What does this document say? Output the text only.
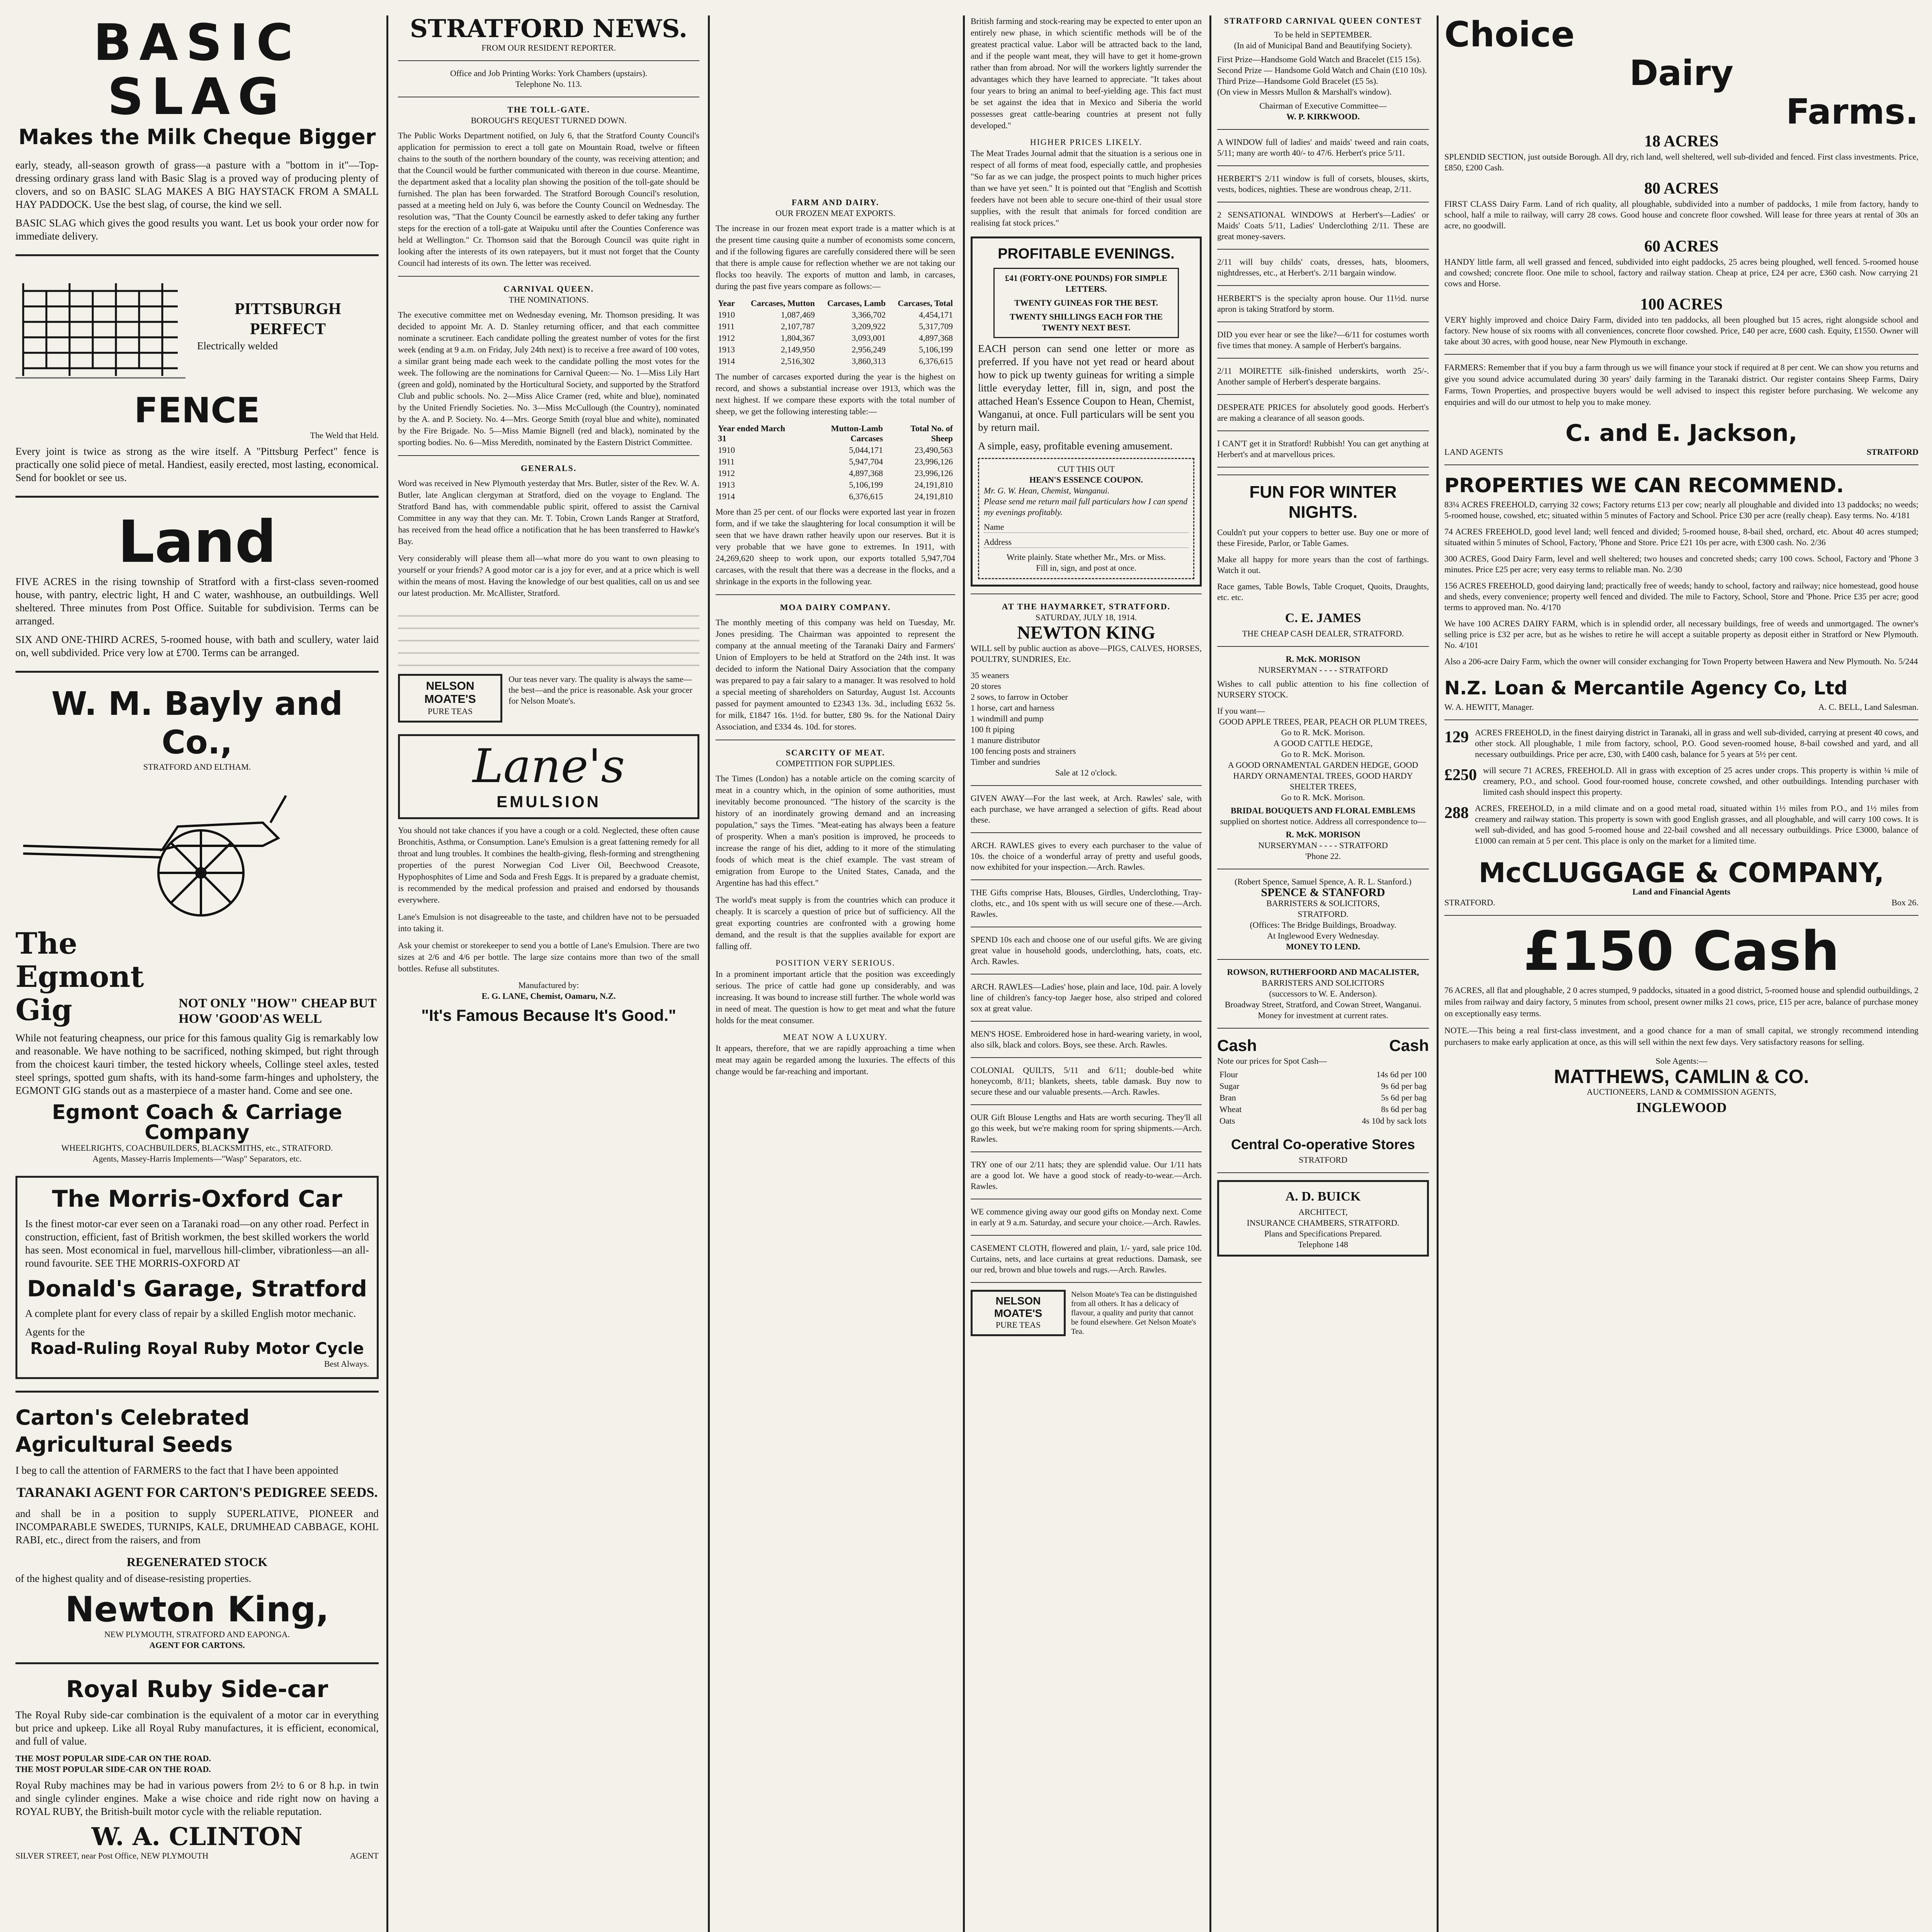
BASIC SLAG
Makes the Milk Cheque Bigger

early, steady, all-season growth of grass—a pasture with a "bottom in it"—Top-dressing ordinary grass land with Basic Slag is a proved way of producing plenty of clovers, and so on BASIC SLAG MAKES A BIG HAYSTACK FROM A SMALL HAY PADDOCK. Use the best slag, of course, the kind we sell.

BASIC SLAG which gives the good results you want. Let us book your order now for immediate delivery.

PITTSBURGH
PERFECT
Electrically welded
FENCE
The Weld that Held.

Every joint is twice as strong as the wire itself. A "Pittsburg Perfect" fence is practically one solid piece of metal. Handiest, easily erected, most lasting, economical. Send for booklet or see us.

Land

FIVE ACRES in the rising township of Stratford with a first-class seven-roomed house, with pantry, electric light, H and C water, washhouse, an outbuildings. Well sheltered. Three minutes from Post Office. Suitable for subdivision. Terms can be arranged.

SIX AND ONE-THIRD ACRES, 5-roomed house, with bath and scullery, water laid on, well subdivided. Price very low at £700. Terms can be arranged.

W. M. Bayly and Co.,
STRATFORD AND ELTHAM.
The Egmont Gig	NOT ONLY "HOW" CHEAP BUT HOW 'GOOD'AS WELL

While not featuring cheapness, our price for this famous quality Gig is remarkably low and reasonable. We have nothing to be sacrificed, nothing skimped, but right through from the choicest kauri timber, the tested hickory wheels, Collinge steel axles, tested steel springs, spotted gum shafts, with its hand-some farm-hinges and upholstery, the EGMONT GIG stands out as a masterpiece of a master hand. Come and see one.

Egmont Coach & Carriage Company
WHEELRIGHTS, COACHBUILDERS, BLACKSMITHS, etc., STRATFORD.
Agents, Massey-Harris Implements—"Wasp" Separators, etc.
The Morris-Oxford Car

Is the finest motor-car ever seen on a Taranaki road—on any other road. Perfect in construction, efficient, fast of British workmen, the best skilled workers the world has seen. Most economical in fuel, marvellous hill-climber, vibrationless—an all-round favourite. SEE THE MORRIS-OXFORD AT

Donald's Garage, Stratford

A complete plant for every class of repair by a skilled English motor mechanic.

Agents for the
Road-Ruling Royal Ruby Motor Cycle
Best Always.
Carton's Celebrated Agricultural Seeds

I beg to call the attention of FARMERS to the fact that I have been appointed

TARANAKI AGENT FOR CARTON'S PEDIGREE SEEDS.

and shall be in a position to supply SUPERLATIVE, PIONEER and INCOMPARABLE SWEDES, TURNIPS, KALE, DRUMHEAD CABBAGE, KOHL RABI, etc., direct from the raisers, and from

REGENERATED STOCK

of the highest quality and of disease-resisting properties.

Newton King,
NEW PLYMOUTH, STRATFORD AND EAPONGA.
AGENT FOR CARTONS.
Royal Ruby Side-car

The Royal Ruby side-car combination is the equivalent of a motor car in everything but price and upkeep. Like all Royal Ruby manufactures, it is efficient, economical, and full of value.

THE MOST POPULAR SIDE-CAR ON THE ROAD.
THE MOST POPULAR SIDE-CAR ON THE ROAD.

Royal Ruby machines may be had in various powers from 2½ to 6 or 8 h.p. in twin and single cylinder engines. Make a wise choice and ride right now on having a ROYAL RUBY, the British-built motor cycle with the reliable reputation.

W. A. CLINTON
SILVER STREET, near Post Office, NEW PLYMOUTH	AGENT
STRATFORD NEWS.
FROM OUR RESIDENT REPORTER.
Office and Job Printing Works: York Chambers (upstairs).
Telephone No. 113.
THE TOLL-GATE.
BOROUGH'S REQUEST TURNED DOWN.

The Public Works Department notified, on July 6, that the Stratford County Council's application for permission to erect a toll gate on Mountain Road, twelve or fifteen chains to the south of the northern boundary of the county, was receiving attention; and that the Council would be further communicated with thereon in due course. Meantime, the department asked that a locality plan showing the position of the toll-gate should be furnished. The plan has been forwarded. The Stratford Borough Council's resolution, passed at a meeting held on July 6, was before the County Council on Wednesday. The resolution was, "That the County Council be earnestly asked to defer taking any further steps for the erection of a toll-gate at Waipuku until after the Counties Conference was held at Wellington." Cr. Thomson said that the Borough Council was quite right in looking after the interests of its own ratepayers, but it must not forget that the County Council had interests of its own. The letter was received.

CARNIVAL QUEEN.
THE NOMINATIONS.

The executive committee met on Wednesday evening, Mr. Thomson presiding. It was decided to appoint Mr. A. D. Stanley returning officer, and that each committee nominate a scrutineer. Each candidate polling the greatest number of votes for the first week (ending at 9 a.m. on Friday, July 24th next) is to receive a free award of 100 votes, a similar grant being made each week to the candidate polling the most votes for the week. The following are the nominations for Carnival Queen:— No. 1—Miss Lily Hart (green and gold), nominated by the Horticultural Society, and supported by the Stratford Club and public schools. No. 2—Miss Alice Cramer (red, white and blue), nominated by the United Friendly Societies. No. 3—Miss McCullough (the Country), nominated by the A. and P. Society. No. 4—Mrs. George Smith (royal blue and white), nominated by the Fire Brigade. No. 5—Miss Mamie Bignell (red and black), nominated by the sporting bodies. No. 6—Miss Meredith, nominated by the Eastern District Committee.

GENERALS.

Word was received in New Plymouth yesterday that Mrs. Butler, sister of the Rev. W. A. Butler, late Anglican clergyman at Stratford, died on the voyage to England. The Stratford Band has, with commendable public spirit, offered to assist the Carnival Committee in any way that they can. Mr. T. Tobin, Crown Lands Ranger at Stratford, has received from the head office a notification that he has been transferred to Hawke's Bay.

Very considerably will please them all—what more do you want to own pleasing to yourself or your friends? A good motor car is a joy for ever, and at a price which is well within the means of most. Having the knowledge of our best qualities, call on us and see our latest production. Mr. McAllister, Stratford.

NELSON MOATE'S
PURE TEAS
Our teas never vary. The quality is always the same—the best—and the price is reasonable. Ask your grocer for Nelson Moate's.
Lane's
EMULSION

You should not take chances if you have a cough or a cold. Neglected, these often cause Bronchitis, Asthma, or Consumption. Lane's Emulsion is a great fattening remedy for all throat and lung troubles. It combines the health-giving, flesh-forming and strengthening properties of the purest Norwegian Cod Liver Oil, Beechwood Creasote, Hypophosphites of Lime and Soda and Fresh Eggs. It is prepared by a graduate chemist, is recommended by the medical profession and praised and endorsed by thousands everywhere.

Lane's Emulsion is not disagreeable to the taste, and children have not to be persuaded into taking it.

Ask your chemist or storekeeper to send you a bottle of Lane's Emulsion. There are two sizes at 2/6 and 4/6 per bottle. The large size contains more than two of the small bottles. Refuse all substitutes.

Manufactured by:
E. G. LANE, Chemist, Oamaru, N.Z.
"It's Famous Because It's Good."
FARM AND DAIRY.
OUR FROZEN MEAT EXPORTS.

The increase in our frozen meat export trade is a matter which is at the present time causing quite a number of economists some concern, and if the following figures are carefully considered there will be seen that there is ample cause for reflection whether we are not taking our flocks too heavily. The exports of mutton and lamb, in carcases, during the past five years compare as follows:—

Year	Carcases, Mutton	Carcases, Lamb	Carcases, Total
1910	1,087,469	3,366,702	4,454,171
1911	2,107,787	3,209,922	5,317,709
1912	1,804,367	3,093,001	4,897,368
1913	2,149,950	2,956,249	5,106,199
1914	2,516,302	3,860,313	6,376,615

The number of carcases exported during the year is the highest on record, and shows a substantial increase over 1913, which was the next highest. If we compare these exports with the total number of sheep, we get the following interesting table:—

Year ended March 31	Mutton-Lamb Carcases	Total No. of Sheep
1910	5,044,171	23,490,563
1911	5,947,704	23,996,126
1912	4,897,368	23,996,126
1913	5,106,199	24,191,810
1914	6,376,615	24,191,810

More than 25 per cent. of our flocks were exported last year in frozen form, and if we take the slaughtering for local consumption it will be seen that we have drawn rather heavily upon our reserves. But it is very probable that we have gone to extremes. In 1911, with 24,269,620 sheep to work upon, our exports totalled 5,947,704 carcases, with the result that there was a decrease in the flocks, and a shrinkage in the exports in the following year.

MOA DAIRY COMPANY.

The monthly meeting of this company was held on Tuesday, Mr. Jones presiding. The Chairman was appointed to represent the company at the annual meeting of the Taranaki Dairy and Farmers' Union of Employers to be held at Stratford on the 24th inst. It was decided to inform the National Dairy Association that the company was prepared to pay a fair salary to a manager. It was resolved to hold a special meeting of shareholders on Saturday, August 1st. Accounts passed for payment amounted to £2343 13s. 3d., including £632 5s. for milk, £1847 16s. 1½d. for butter, £80 9s. for the National Dairy Association, and £334 4s. 10d. for stores.

SCARCITY OF MEAT.
COMPETITION FOR SUPPLIES.

The Times (London) has a notable article on the coming scarcity of meat in a country which, in the opinion of some authorities, must inevitably become pronounced. "The history of the scarcity is the history of an inordinately growing demand and an increasing population," says the Times. "Meat-eating has always been a feature of prosperity. When a man's position is improved, he proceeds to increase the range of his diet, adding to it more of the stimulating foods of which meat is the chief example. The vast stream of emigration from Europe to the United States, Canada, and the Argentine has had this effect."

The world's meat supply is from the countries which can produce it cheaply. It is scarcely a question of price but of sufficiency. All the great exporting countries are confronted with a growing home demand, and the result is that the supplies available for export are falling off.

POSITION VERY SERIOUS.

In a prominent important article that the position was exceedingly serious. The price of cattle had gone up considerably, and was increasing. It was bound to increase still further. The whole world was in need of meat. The question is how to get meat and what the future holds for the meat consumer.

MEAT NOW A LUXURY.

It appears, therefore, that we are rapidly approaching a time when meat may again be regarded among the luxuries. The effects of this change would be far-reaching and important.

British farming and stock-rearing may be expected to enter upon an entirely new phase, in which scientific methods will be of the greatest practical value. Labor will be attracted back to the land, and if the people want meat, they will have to get it home-grown rather than from abroad. Nor will the workers lightly surrender the advantages which they have learned to appreciate. "It takes about four years to bring an animal to beef-yielding age. This fact must be set against the idea that in Mexico and Siberia the world possesses great cattle-bearing countries at present not fully developed."

HIGHER PRICES LIKELY.

The Meat Trades Journal admit that the situation is a serious one in respect of all forms of meat food, especially cattle, and prophesies "So far as we can judge, the prospect points to much higher prices than we have yet seen." It is pointed out that "English and Scottish feeders have not been able to secure one-third of their usual store supplies, with the result that animals for forced condition are realising fat stock prices."

PROFITABLE EVENINGS.
£41 (FORTY-ONE POUNDS) FOR SIMPLE LETTERS.
TWENTY GUINEAS FOR THE BEST.
TWENTY SHILLINGS EACH FOR THE TWENTY NEXT BEST.

EACH person can send one letter or more as preferred. If you have not yet read or heard about how to pick up twenty guineas for writing a simple little everyday letter, fill in, sign, and post the attached Hean's Essence Coupon to Hean, Chemist, Wanganui, at once. Full particulars will be sent you by return mail.

A simple, easy, profitable evening amusement.

CUT THIS OUT
HEAN'S ESSENCE COUPON.
Mr. G. W. Hean, Chemist, Wanganui.
Please send me return mail full particulars how I can spend my evenings profitably.
Name
Address
Write plainly. State whether Mr., Mrs. or Miss.
Fill in, sign, and post at once.
AT THE HAYMARKET, STRATFORD.
SATURDAY, JULY 18, 1914.
NEWTON KING

WILL sell by public auction as above—PIGS, CALVES, HORSES, POULTRY, SUNDRIES, Etc.

35 weaners
20 stores
2 sows, to farrow in October
1 horse, cart and harness
1 windmill and pump
100 ft piping
1 manure distributor
100 fencing posts and strainers
Timber and sundries
Sale at 12 o'clock.

GIVEN AWAY—For the last week, at Arch. Rawles' sale, with each purchase, we have arranged a selection of gifts. Read about these.

ARCH. RAWLES gives to every each purchaser to the value of 10s. the choice of a wonderful array of pretty and useful goods, now exhibited for your inspection.—Arch. Rawles.

THE Gifts comprise Hats, Blouses, Girdles, Underclothing, Tray-cloths, etc., and 10s spent with us will secure one of these.—Arch. Rawles.

SPEND 10s each and choose one of our useful gifts. We are giving great value in household goods, underclothing, hats, coats, etc. Arch. Rawles.

ARCH. RAWLES—Ladies' hose, plain and lace, 10d. pair. A lovely line of children's fancy-top Jaeger hose, also striped and colored sox at great value.

MEN'S HOSE. Embroidered hose in hard-wearing variety, in wool, also silk, black and colors. Boys, see these. Arch. Rawles.

COLONIAL QUILTS, 5/11 and 6/11; double-bed white honeycomb, 8/11; blankets, sheets, table damask. Buy now to secure these and our valuable presents.—Arch. Rawles.

OUR Gift Blouse Lengths and Hats are worth securing. They'll all go this week, but we're making room for spring shipments.—Arch. Rawles.

TRY one of our 2/11 hats; they are splendid value. Our 1/11 hats are a good lot. We have a good stock of ready-to-wear.—Arch. Rawles.

WE commence giving away our good gifts on Monday next. Come in early at 9 a.m. Saturday, and secure your choice.—Arch. Rawles.

CASEMENT CLOTH, flowered and plain, 1/- yard, sale price 10d. Curtains, nets, and lace curtains at great reductions. Damask, see our red, brown and blue towels and rugs.—Arch. Rawles.

NELSON MOATE'S
PURE TEAS
Nelson Moate's Tea can be distinguished from all others. It has a delicacy of flavour, a quality and purity that cannot be found elsewhere. Get Nelson Moate's Tea.
STRATFORD CARNIVAL QUEEN CONTEST
To be held in SEPTEMBER.
(In aid of Municipal Band and Beautifying Society).
First Prize—Handsome Gold Watch and Bracelet (£15 15s).
Second Prize — Handsome Gold Watch and Chain (£10 10s).
Third Prize—Handsome Gold Bracelet (£5 5s).
(On view in Messrs Mullon & Marshall's window).
Chairman of Executive Committee—
W. P. KIRKWOOD.

A WINDOW full of ladies' and maids' tweed and rain coats, 5/11; many are worth 40/- to 47/6. Herbert's price 5/11.

HERBERT'S 2/11 window is full of corsets, blouses, skirts, vests, bodices, nighties. These are wondrous cheap, 2/11.

2 SENSATIONAL WINDOWS at Herbert's—Ladies' or Maids' Coats 5/11, Ladies' Underclothing 2/11. These are great money-savers.

2/11 will buy childs' coats, dresses, hats, bloomers, nightdresses, etc., at Herbert's. 2/11 bargain window.

HERBERT'S is the specialty apron house. Our 11½d. nurse apron is taking Stratford by storm.

DID you ever hear or see the like?—6/11 for costumes worth five times that money. A sample of Herbert's bargains.

2/11 MOIRETTE silk-finished underskirts, worth 25/-. Another sample of Herbert's desperate bargains.

DESPERATE PRICES for absolutely good goods. Herbert's are making a clearance of all season goods.

I CAN'T get it in Stratford! Rubbish! You can get anything at Herbert's and at marvellous prices.

FUN FOR WINTER NIGHTS.

Couldn't put your coppers to better use. Buy one or more of these Fireside, Parlor, or Table Games.

Make all happy for more years than the cost of farthings. Watch it out.

Race games, Table Bowls, Table Croquet, Quoits, Draughts, etc. etc.

C. E. JAMES
THE CHEAP CASH DEALER, STRATFORD.
R. McK. MORISON
NURSERYMAN - - - - STRATFORD

Wishes to call public attention to his fine collection of NURSERY STOCK.

If you want—
GOOD APPLE TREES, PEAR, PEACH OR PLUM TREES,
Go to R. McK. Morison.
A GOOD CATTLE HEDGE,
Go to R. McK. Morison.
A GOOD ORNAMENTAL GARDEN HEDGE, GOOD HARDY ORNAMENTAL TREES, GOOD HARDY SHELTER TREES,
Go to R. McK. Morison.
BRIDAL BOUQUETS AND FLORAL EMBLEMS
supplied on shortest notice. Address all correspondence to—
R. McK. MORISON
NURSERYMAN - - - - STRATFORD
'Phone 22.
(Robert Spence, Samuel Spence, A. R. L. Stanford.)
SPENCE & STANFORD
BARRISTERS & SOLICITORS,
STRATFORD.
(Offices: The Bridge Buildings, Broadway.
At Inglewood Every Wednesday.
MONEY TO LEND.
ROWSON, RUTHERFOORD AND MACALISTER,
BARRISTERS AND SOLICITORS
(successors to W. E. Anderson).
Broadway Street, Stratford, and Cowan Street, Wanganui. Money for investment at current rates.
Cash	Cash
Note our prices for Spot Cash—
Flour	14s 6d per 100
Sugar	9s 6d per bag
Bran	5s 6d per bag
Wheat	8s 6d per bag
Oats	4s 10d by sack lots
Central Co-operative Stores
STRATFORD
A. D. BUICK
ARCHITECT,
INSURANCE CHAMBERS, STRATFORD.
Plans and Specifications Prepared.
Telephone 148
Choice
Dairy
Farms.
18 ACRES

SPLENDID SECTION, just outside Borough. All dry, rich land, well sheltered, well sub-divided and fenced. First class investments. Price, £850, £200 Cash.

80 ACRES

FIRST CLASS Dairy Farm. Land of rich quality, all ploughable, subdivided into a number of paddocks, 1 mile from factory, handy to school, half a mile to railway, will carry 28 cows. Good house and concrete floor cowshed. Will lease for three years at rental of 30s an acre, no goodwill.

60 ACRES

HANDY little farm, all well grassed and fenced, subdivided into eight paddocks, 25 acres being ploughed, well fenced. 5-roomed house and cowshed; concrete floor. One mile to school, factory and railway station. Cheap at price, £24 per acre, £360 cash. Now carrying 21 cows and Horse.

100 ACRES

VERY highly improved and choice Dairy Farm, divided into ten paddocks, all been ploughed but 15 acres, right alongside school and factory. New house of six rooms with all conveniences, concrete floor cowshed. Price, £40 per acre, £600 cash. Equity, £1550. Owner will take about 30 acres, with good house, near New Plymouth in exchange.

FARMERS: Remember that if you buy a farm through us we will finance your stock if required at 8 per cent. We can show you returns and give you sound advice accumulated during 30 years' daily farming in the Taranaki district. Our register contains Sheep Farms, Dairy Farms, Town Properties, and prospective buyers would be well advised to inspect this register before purchasing. We welcome any enquiries and will do our utmost to help you to make money.

C. and E. Jackson,
LAND AGENTS	STRATFORD
PROPERTIES WE CAN RECOMMEND.

83¼ ACRES FREEHOLD, carrying 32 cows; Factory returns £13 per cow; nearly all ploughable and divided into 13 paddocks; no weeds; 5-roomed house, cowshed, etc; situated within 5 minutes of Factory and School. Price £30 per acre (really cheap). Easy terms. No. 4/181

74 ACRES FREEHOLD, good level land; well fenced and divided; 5-roomed house, 8-bail shed, orchard, etc. About 40 acres stumped; situated within 5 minutes of School, Factory, 'Phone and Store. Price £21 10s per acre, with £300 cash. No. 2/36

300 ACRES, Good Dairy Farm, level and well sheltered; two houses and concreted sheds; carry 100 cows. School, Factory and 'Phone 3 minutes. Price £25 per acre; very easy terms to reliable man. No. 2/30

156 ACRES FREEHOLD, good dairying land; practically free of weeds; handy to school, factory and railway; nice homestead, good house and sheds, every convenience; property well fenced and divided. The mile to Factory, School, Store and 'Phone. Price £35 per acre; good terms to approved man. No. 4/170

We have 100 ACRES DAIRY FARM, which is in splendid order, all necessary buildings, free of weeds and unmortgaged. The owner's selling price is £32 per acre, but as he wishes to retire he will accept a suitable property as deposit either in Stratford or New Plymouth. No. 4/101

Also a 206-acre Dairy Farm, which the owner will consider exchanging for Town Property between Hawera and New Plymouth. No. 5/244

N.Z. Loan & Mercantile Agency Co, Ltd
W. A. HEWITT, Manager.	A. C. BELL, Land Salesman.
129 ACRES FREEHOLD, in the finest dairying district in Taranaki, all in grass and well sub-divided, carrying at present 40 cows, and other stock. All ploughable, 1 mile from factory, school, P.O. Good seven-roomed house, 8-bail cowshed and yard, and all necessary outbuildings. Price per acre, £30, with £400 cash, balance for 5 years at 5½ per cent.

£250 will secure 71 ACRES, FREEHOLD. All in grass with exception of 25 acres under crops. This property is within ¼ mile of creamery, P.O., and school. Good four-roomed house, concrete cowshed, and other outbuildings. Intending purchaser with limited cash should inspect this property.

288 ACRES, FREEHOLD, in a mild climate and on a good metal road, situated within 1½ miles from P.O., and 1½ miles from creamery and railway station. This property is sown with good English grasses, and all ploughable, and will carry 100 cows. It is well sub-divided, and has good 5-roomed house and 22-bail cowshed and all necessary outbuildings. Price £3000, balance of £1000 can remain at 5 per cent. This place is only on the market for a limited time.

McCLUGGAGE & COMPANY,
Land and Financial Agents
STRATFORD.	Box 26.
£150 Cash

76 ACRES, all flat and ploughable, 2 0 acres stumped, 9 paddocks, situated in a good district, 5-roomed house and splendid outbuildings, 2 miles from railway and dairy factory, 5 minutes from school, present owner milks 21 cows, price, £15 per acre, balance of purchase money on exceptionally easy terms.

NOTE.—This being a real first-class investment, and a good chance for a man of small capital, we strongly recommend intending purchasers to make early application at once, as this will sell within the next few days. Very satisfactory reasons for selling.

Sole Agents:—
MATTHEWS, CAMLIN & CO.
AUCTIONEERS, LAND & COMMISSION AGENTS,
INGLEWOOD
